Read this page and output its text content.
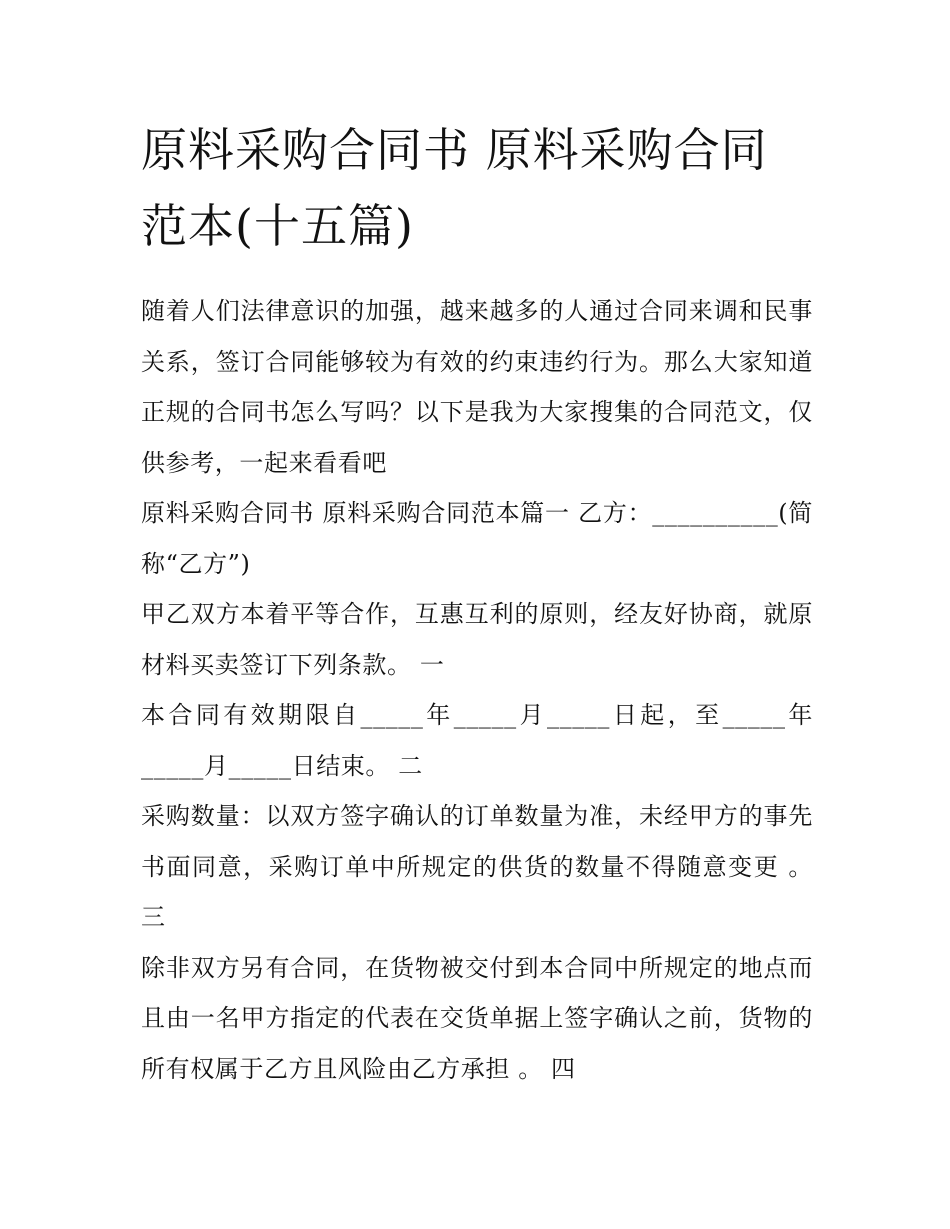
原料采购合同书 原料采购合同范本(十五篇)

随着人们法律意识的加强，越来越多的人通过合同来调和民事关系，签订合同能够较为有效的约束违约行为。那么大家知道正规的合同书怎么写吗？以下是我为大家搜集的合同范文，仅供参考，一起来看看吧

原料采购合同书 原料采购合同范本篇一 乙方：__________(简称“乙方”)

甲乙双方本着平等合作，互惠互利的原则，经友好协商，就原材料买卖签订下列条款。 一

本合同有效期限自_____年_____月_____日起，至_____年_____月_____日结束。 二

采购数量：以双方签字确认的订单数量为准，未经甲方的事先书面同意，采购订单中所规定的供货的数量不得随意变更 。 三

除非双方另有合同，在货物被交付到本合同中所规定的地点而且由一名甲方指定的代表在交货单据上签字确认之前，货物的所有权属于乙方且风险由乙方承担 。 四
